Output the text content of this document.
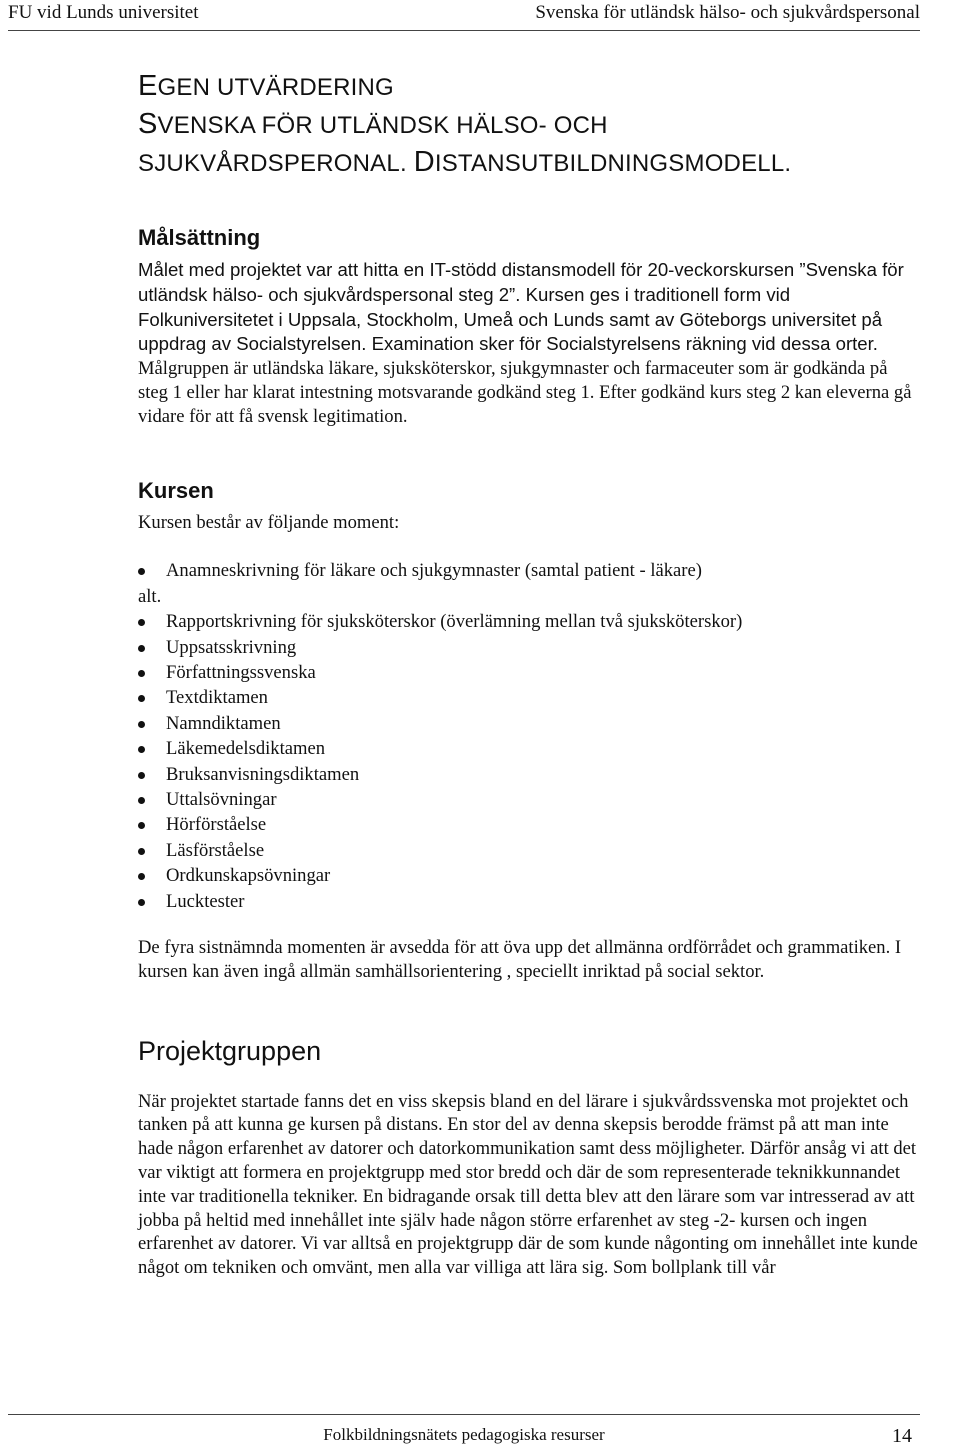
FU vid Lunds universitet	Svenska för utländsk hälso- och sjukvårdspersonal
EGEN UTVÄRDERING
SVENSKA FÖR UTLÄNDSK HÄLSO- OCH
SJUKVÅRDSPERONAL. DISTANSUTBILDNINGSMODELL.
Målsättning

Målet med projektet var att hitta en IT-stödd distansmodell för 20-veckorskursen ”Svenska för utländsk hälso- och sjukvårdspersonal steg 2”. Kursen ges i traditionell form vid Folkuniversitetet i Uppsala, Stockholm, Umeå och Lunds samt av Göteborgs universitet på uppdrag av Socialstyrelsen. Examination sker för Socialstyrelsens räkning vid dessa orter. Målgruppen är utländska läkare, sjuksköterskor, sjukgymnaster och farmaceuter som är godkända på steg 1 eller har klarat intestning motsvarande godkänd steg 1. Efter godkänd kurs steg 2 kan eleverna gå vidare för att få svensk legitimation.

Kursen

Kursen består av följande moment:

Anamneskrivning för läkare och sjukgymnaster (samtal patient - läkare)
alt.
Rapportskrivning för sjuksköterskor (överlämning mellan två sjuksköterskor)
Uppsatsskrivning
Författningssvenska
Textdiktamen
Namndiktamen
Läkemedelsdiktamen
Bruksanvisningsdiktamen
Uttalsövningar
Hörförståelse
Läsförståelse
Ordkunskapsövningar
Lucktester

De fyra sistnämnda momenten är avsedda för att öva upp det allmänna ordförrådet och grammatiken. I kursen kan även ingå allmän samhällsorientering , speciellt inriktad på social sektor.

Projektgruppen

När projektet startade fanns det en viss skepsis bland en del lärare i sjukvårdssvenska mot projektet och tanken på att kunna ge kursen på distans. En stor del av denna skepsis berodde främst på att man inte hade någon erfarenhet av datorer och datorkommunikation samt dess möjligheter. Därför ansåg vi att det var viktigt att formera en projektgrupp med stor bredd och där de som representerade teknikkunnandet inte var traditionella tekniker. En bidragande orsak till detta blev att den lärare som var intresserad av att jobba på heltid med innehållet inte själv hade någon större erfarenhet av steg -2- kursen och ingen erfarenhet av datorer. Vi var alltså en projektgrupp där de som kunde någonting om innehållet inte kunde något om tekniken och omvänt, men alla var villiga att lära sig. Som bollplank till vår

Folkbildningsnätets pedagogiska resurser	14
